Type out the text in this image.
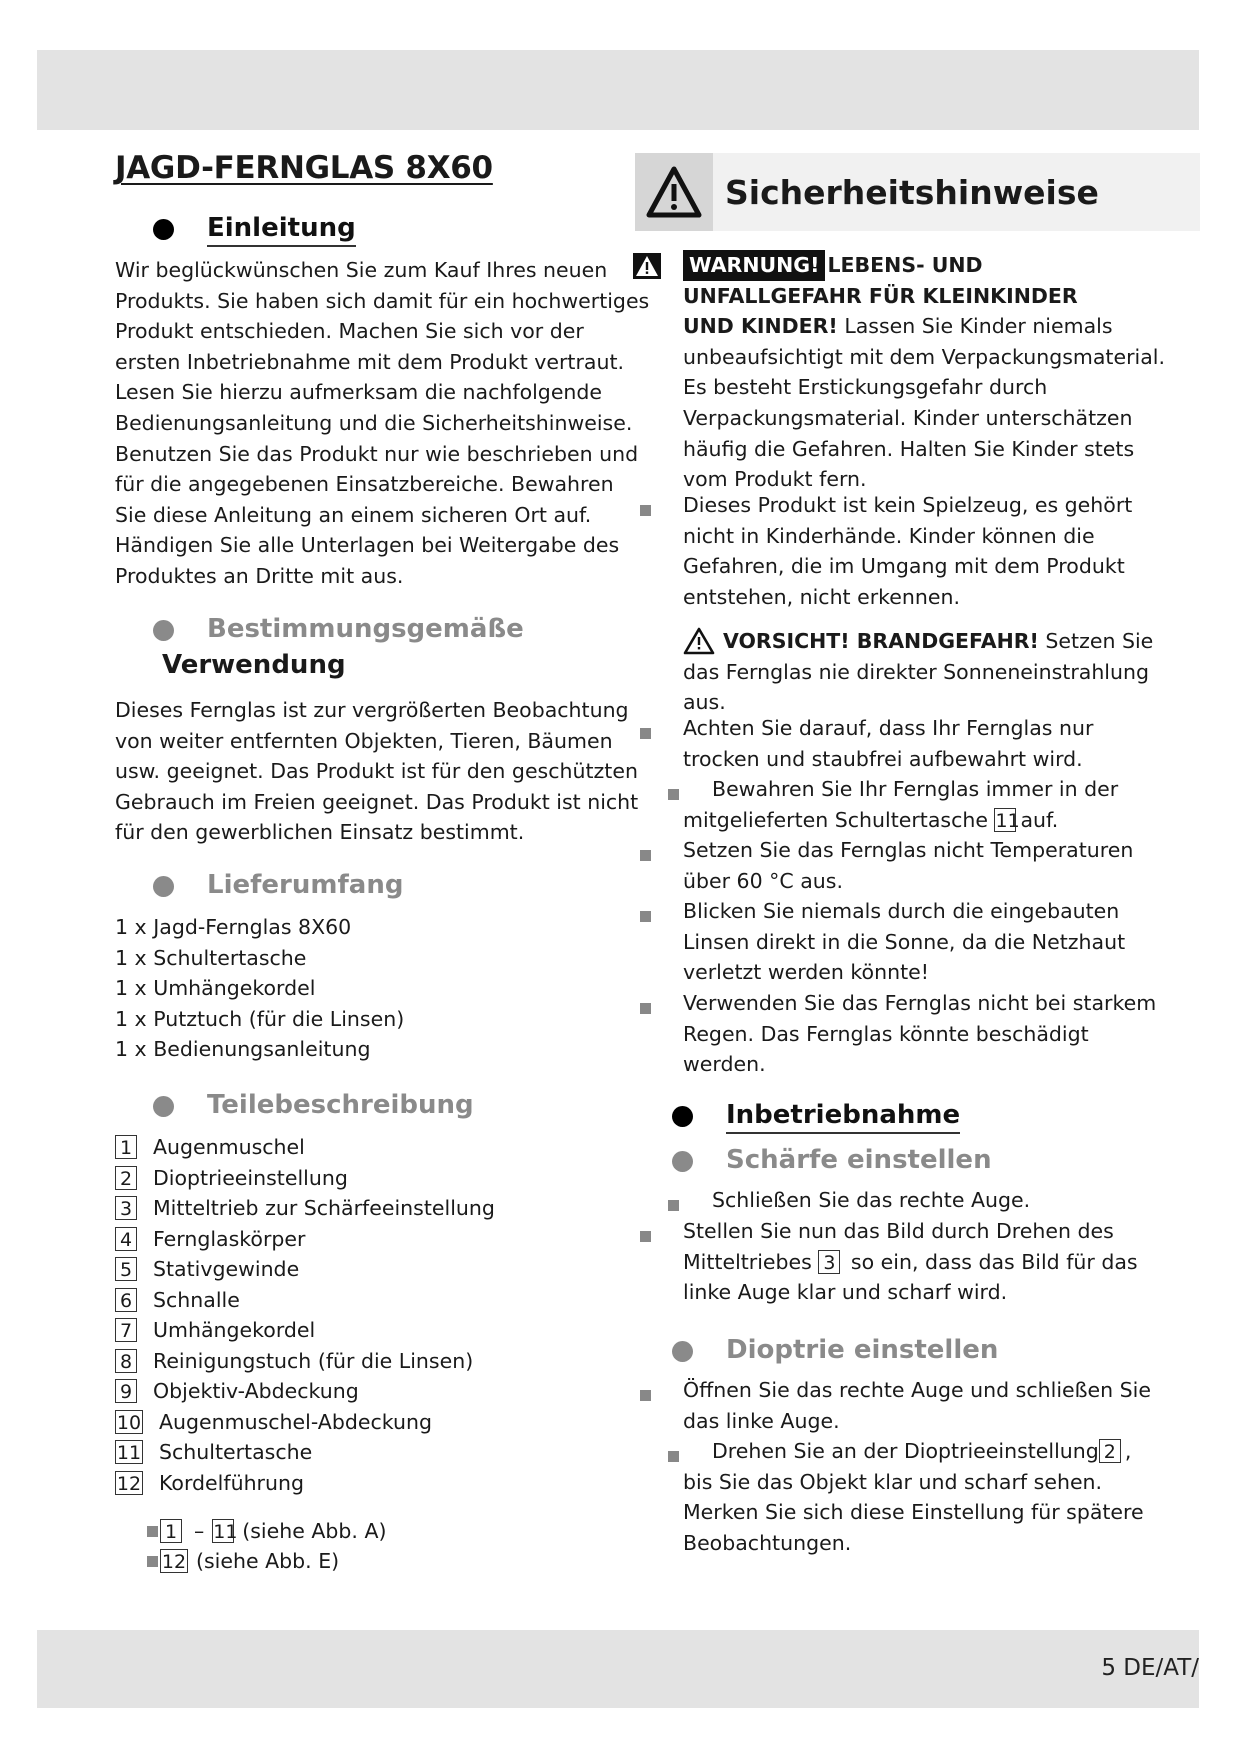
5 DE/AT/
JAGD-FERNGLAS 8X60
Einleitung
Wir beglückwünschen Sie zum Kauf Ihres neuen
Produkts. Sie haben sich damit für ein hochwertiges
Produkt entschieden. Machen Sie sich vor der
ersten Inbetriebnahme mit dem Produkt vertraut.
Lesen Sie hierzu aufmerksam die nachfolgende
Bedienungsanleitung und die Sicherheitshinweise.
Benutzen Sie das Produkt nur wie beschrieben und
für die angegebenen Einsatzbereiche. Bewahren
Sie diese Anleitung an einem sicheren Ort auf.
Händigen Sie alle Unterlagen bei Weitergabe des
Produktes an Dritte mit aus.
Bestimmungsgemäße
Verwendung
Dieses Fernglas ist zur vergrößerten Beobachtung
von weiter entfernten Objekten, Tieren, Bäumen
usw. geeignet. Das Produkt ist für den geschützten
Gebrauch im Freien geeignet. Das Produkt ist nicht
für den gewerblichen Einsatz bestimmt.
Lieferumfang
1 x Jagd-Fernglas 8X60
1 x Schultertasche
1 x Umhängekordel
1 x Putztuch (für die Linsen)
1 x Bedienungsanleitung
Teilebeschreibung
1 Augenmuschel
2 Dioptrieeinstellung
3 Mitteltrieb zur Schärfeeinstellung
4 Fernglaskörper
5 Stativgewinde
6 Schnalle
7 Umhängekordel
8 Reinigungstuch (für die Linsen)
9 Objektiv-Abdeckung
10 Augenmuschel-Abdeckung
11 Schultertasche
12 Kordelführung
1 – 11 (siehe Abb. A)
12 (siehe Abb. E)
Sicherheitshinweise
WARNUNG! LEBENS- UND
UNFALLGEFAHR FÜR KLEINKINDER
UND KINDER! Lassen Sie Kinder niemals
unbeaufsichtigt mit dem Verpackungsmaterial.
Es besteht Erstickungsgefahr durch
Verpackungsmaterial. Kinder unterschätzen
häufig die Gefahren. Halten Sie Kinder stets
vom Produkt fern.
Dieses Produkt ist kein Spielzeug, es gehört
nicht in Kinderhände. Kinder können die
Gefahren, die im Umgang mit dem Produkt
entstehen, nicht erkennen.
VORSICHT! BRANDGEFAHR!
Setzen Sie
das Fernglas nie direkter Sonneneinstrahlung
aus.
Achten Sie darauf, dass Ihr Fernglas nur
trocken und staubfrei aufbewahrt wird.
Bewahren Sie Ihr Fernglas immer in der
mitgelieferten Schultertasche 11auf.
Setzen Sie das Fernglas nicht Temperaturen
über 60 °C aus.
Blicken Sie niemals durch die eingebauten
Linsen direkt in die Sonne, da die Netzhaut
verletzt werden könnte!
Verwenden Sie das Fernglas nicht bei starkem
Regen. Das Fernglas könnte beschädigt
werden.
Inbetriebnahme
Schärfe einstellen
Schließen Sie das rechte Auge.
Stellen Sie nun das Bild durch Drehen des
Mitteltriebes 3 so ein, dass das Bild für das
linke Auge klar und scharf wird.
Dioptrie einstellen
Öffnen Sie das rechte Auge und schließen Sie
das linke Auge.
Drehen Sie an der Dioptrieeinstellung 2 ,
bis Sie das Objekt klar und scharf sehen.
Merken Sie sich diese Einstellung für spätere
Beobachtungen.
